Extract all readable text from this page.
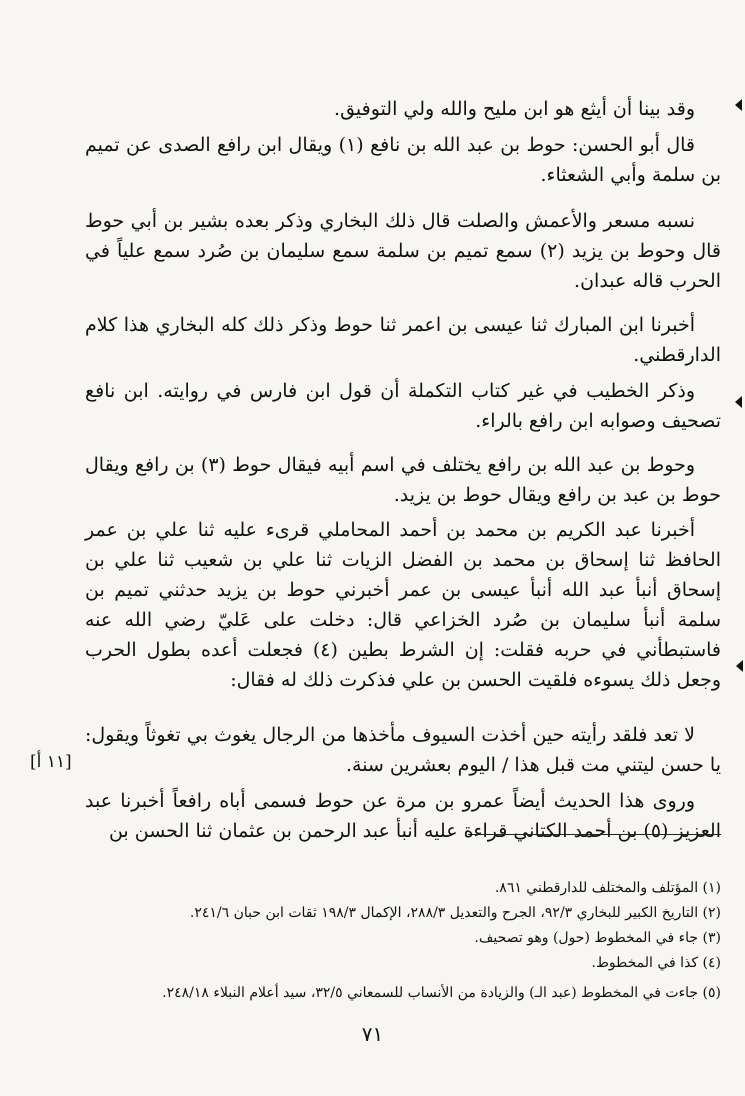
وقد بينا أن أيثع هو ابن مليح والله ولي التوفيق.

قال أبو الحسن: حوط بن عبد الله بن نافع (١) ويقال ابن رافع الصدى عن تميم بن سلمة وأبي الشعثاء.

نسبه مسعر والأعمش والصلت قال ذلك البخاري وذكر بعده بشير بن أبي حوط قال وحوط بن يزيد (٢) سمع تميم بن سلمة سمع سليمان بن صُرد سمع علياً في الحرب قاله عبدان.

أخبرنا ابن المبارك ثنا عيسى بن اعمر ثنا حوط وذكر ذلك كله البخاري هذا كلام الدارقطني.

وذكر الخطيب في غير كتاب التكملة أن قول ابن فارس في روايته. ابن نافع تصحيف وصوابه ابن رافع بالراء.

وحوط بن عبد الله بن رافع يختلف في اسم أبيه فيقال حوط (٣) بن رافع ويقال حوط بن عبد بن رافع ويقال حوط بن يزيد.

أخبرنا عبد الكريم بن محمد بن أحمد المحاملي قرىء عليه ثنا علي بن عمر الحافظ ثنا إسحاق بن محمد بن الفضل الزيات ثنا علي بن شعيب ثنا علي بن إسحاق أنبأ عبد الله أنبأ عيسى بن عمر أخبرني حوط بن يزيد حدثني تميم بن سلمة أنبأ سليمان بن صُرد الخزاعي قال: دخلت على عَليّ رضي الله عنه فاستبطأني في حربه فقلت: إن الشرط بطين (٤) فجعلت أعده بطول الحرب وجعل ذلك يسوءه فلقيت الحسن بن علي فذكرت ذلك له فقال:

لا تعد فلقد رأيته حين أخذت السيوف مأخذها من الرجال يغوث بي تغوثاً ويقول: يا حسن ليتني مت قبل هذا / اليوم بعشرين سنة.

وروى هذا الحديث أيضاً عمرو بن مرة عن حوط فسمى أباه رافعاً أخبرنا عبد العزيز (٥) بن أحمد الكتاني قراءة عليه أنبأ عبد الرحمن بن عثمان ثنا الحسن بن

[١١ أ]

(١) المؤتلف والمختلف للدارقطني ٨٦١.

(٢) التاريخ الكبير للبخاري ٩٢/٣، الجرح والتعديل ٢٨٨/٣، الإكمال ١٩٨/٣ ثقات ابن حبان ٢٤١/٦.

(٣) جاء في المخطوط (حول) وهو تصحيف.

(٤) كذا في المخطوط.

(٥) جاءت في المخطوط (عبد الـ) والزيادة من الأنساب للسمعاني ٣٢/٥، سيد أعلام النبلاء ٢٤٨/١٨.

٧١
